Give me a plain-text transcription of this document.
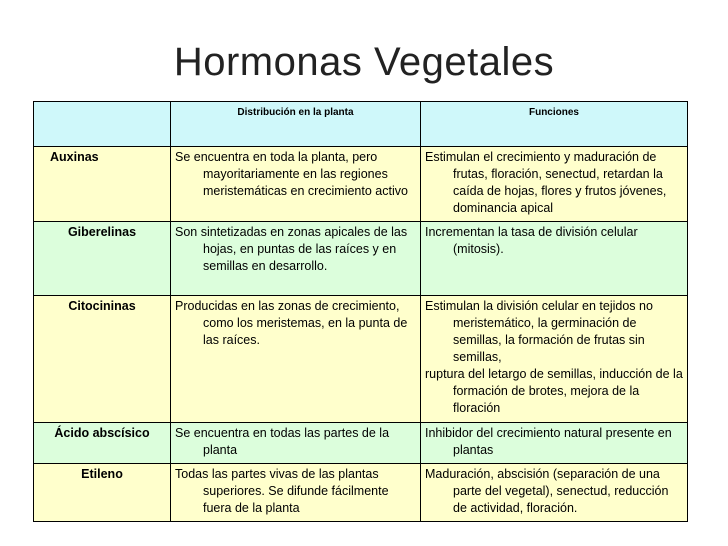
Hormonas Vegetales
	Distribución en la planta	Funciones
Auxinas	Se encuentra en toda la planta, pero mayoritariamente en las regiones meristemáticas en crecimiento activo	Estimulan el crecimiento y maduración de frutas, floración, senectud, retardan la caída de hojas, flores y frutos jóvenes, dominancia apical

Giberelinas	Son sintetizadas en zonas apicales de las hojas, en puntas de las raíces y en semillas en desarrollo.	Incrementan la tasa de división celular (mitosis).

Citocininas	Producidas en las zonas de crecimiento, como los meristemas, en la punta de las raíces.	Estimulan la división celular en tejidos no meristemático, la germinación de semillas, la formación de frutas sin semillas,
ruptura del letargo de semillas, inducción de la formación de brotes, mejora de la floración

Ácido abscísico	Se encuentra en todas las partes de la planta	Inhibidor del crecimiento natural presente en plantas

Etileno	Todas las partes vivas de las plantas superiores. Se difunde fácilmente fuera de la planta	Maduración, abscisión (separación de una parte del vegetal), senectud, reducción de actividad, floración.
